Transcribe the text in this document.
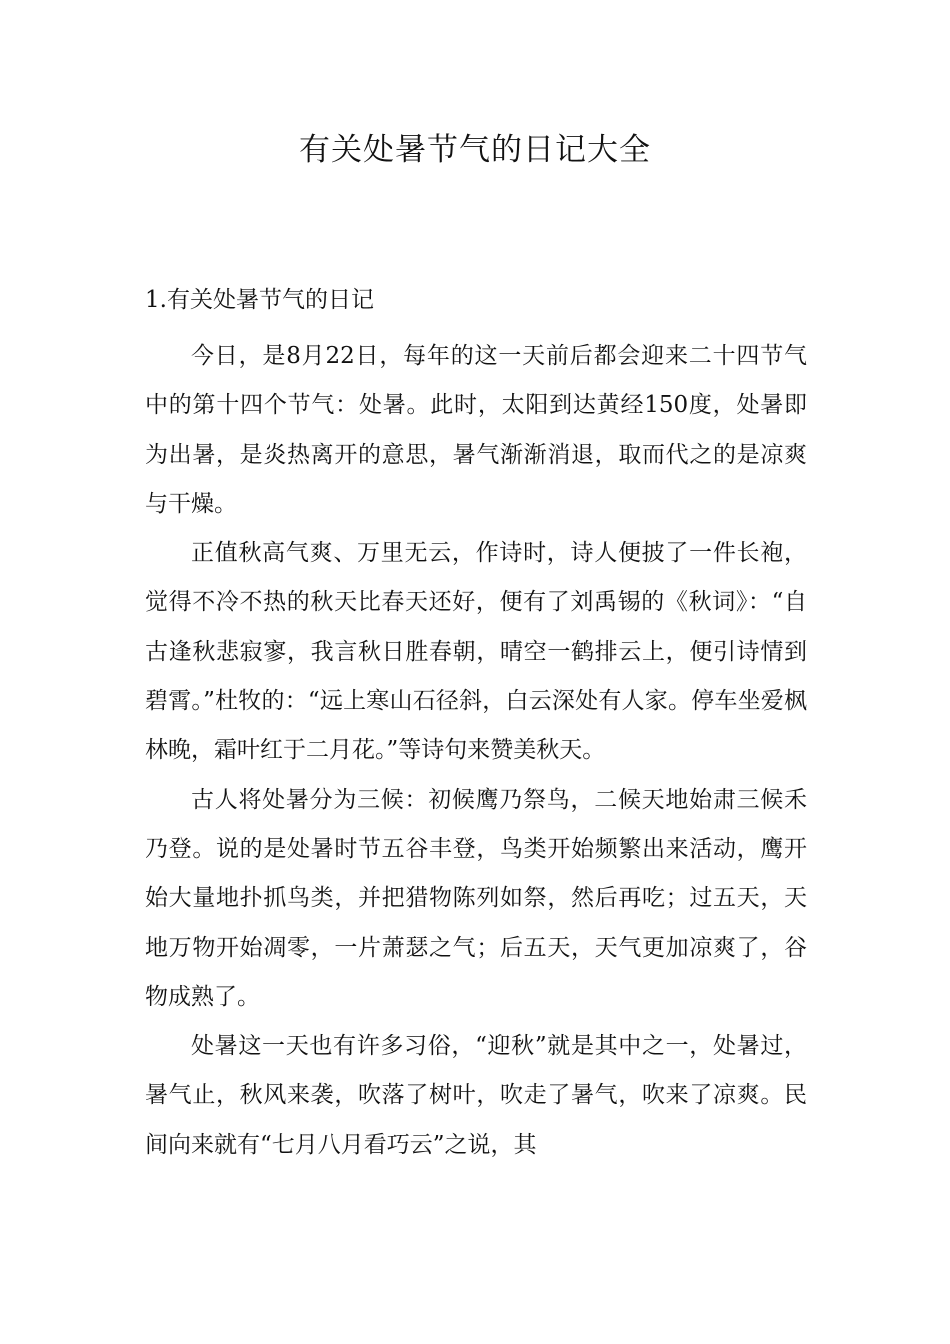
有关处暑节气的日记大全
1.有关处暑节气的日记

今日，是8月22日，每年的这一天前后都会迎来二十四节气中的第十四个节气：处暑。此时，太阳到达黄经150度，处暑即为出暑，是炎热离开的意思，暑气渐渐消退，取而代之的是凉爽与干燥。

正值秋高气爽、万里无云，作诗时，诗人便披了一件长袍，觉得不冷不热的秋天比春天还好，便有了刘禹锡的《秋词》：“自古逢秋悲寂寥，我言秋日胜春朝，晴空一鹤排云上，便引诗情到碧霄。”杜牧的：“远上寒山石径斜，白云深处有人家。停车坐爱枫林晚，霜叶红于二月花。”等诗句来赞美秋天。

古人将处暑分为三候：初候鹰乃祭鸟，二候天地始肃三候禾乃登。说的是处暑时节五谷丰登，鸟类开始频繁出来活动，鹰开始大量地扑抓鸟类，并把猎物陈列如祭，然后再吃；过五天，天地万物开始凋零，一片萧瑟之气；后五天，天气更加凉爽了，谷物成熟了。

处暑这一天也有许多习俗，“迎秋”就是其中之一，处暑过，暑气止，秋风来袭，吹落了树叶，吹走了暑气，吹来了凉爽。民间向来就有“七月八月看巧云”之说，其
